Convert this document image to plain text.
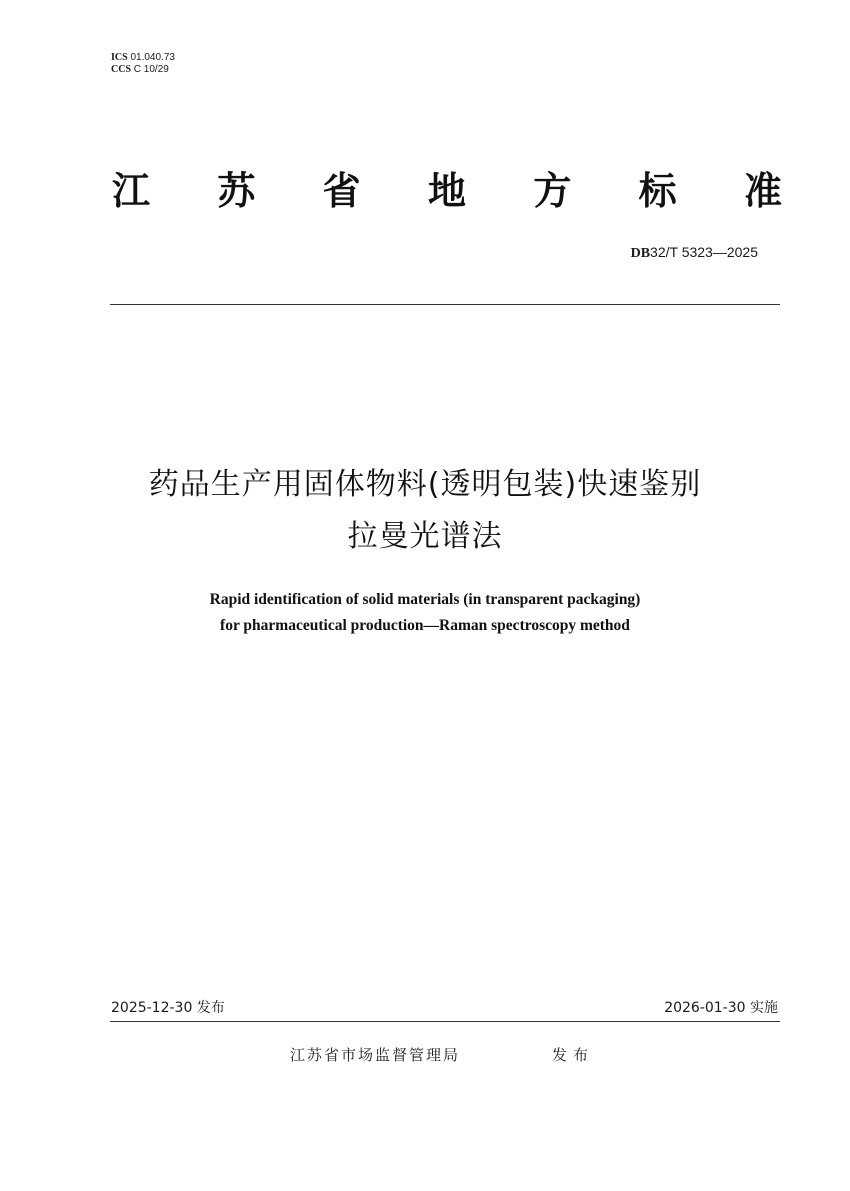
ICS 01.040.73
CCS C 10/29
江 苏 省 地 方 标 准
DB32/T 5323—2025
药品生产用固体物料(透明包装)快速鉴别
拉曼光谱法
Rapid identification of solid materials (in transparent packaging)
for pharmaceutical production—Raman spectroscopy method
2025-12-30 发布	2026-01-30 实施
江苏省市场监督管理局	发布
